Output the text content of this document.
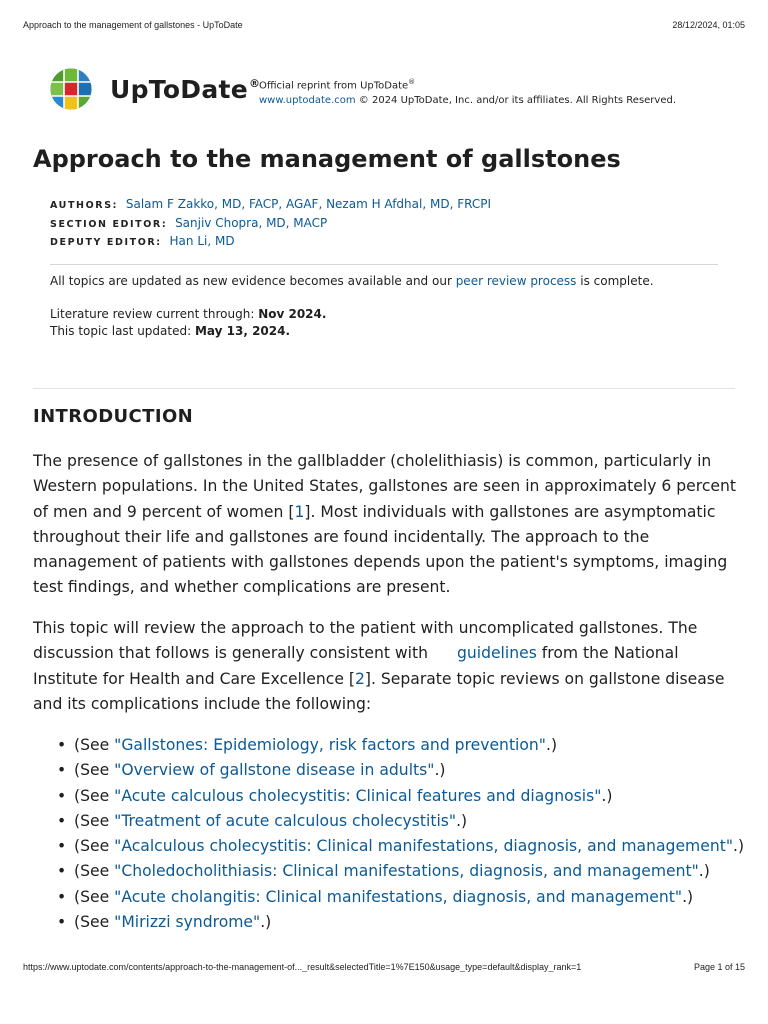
Approach to the management of gallstones - UpToDate	28/12/2024, 01:05
UpToDate®
Official reprint from UpToDate®
www.uptodate.com © 2024 UpToDate, Inc. and/or its affiliates. All Rights Reserved.
Approach to the management of gallstones
AUTHORS: Salam F Zakko, MD, FACP, AGAF, Nezam H Afdhal, MD, FRCPI
SECTION EDITOR: Sanjiv Chopra, MD, MACP
DEPUTY EDITOR: Han Li, MD
All topics are updated as new evidence becomes available and our peer review process is complete.
Literature review current through: Nov 2024.
This topic last updated: May 13, 2024.
INTRODUCTION

The presence of gallstones in the gallbladder (cholelithiasis) is common, particularly in Western populations. In the United States, gallstones are seen in approximately 6 percent of men and 9 percent of women [1]. Most individuals with gallstones are asymptomatic throughout their life and gallstones are found incidentally. The approach to the management of patients with gallstones depends upon the patient's symptoms, imaging test findings, and whether complications are present.

This topic will review the approach to the patient with uncomplicated gallstones. The discussion that follows is generally consistent with guidelines from the National Institute for Health and Care Excellence [2]. Separate topic reviews on gallstone disease and its complications include the following:

• (See "Gallstones: Epidemiology, risk factors and prevention".)
• (See "Overview of gallstone disease in adults".)
• (See "Acute calculous cholecystitis: Clinical features and diagnosis".)
• (See "Treatment of acute calculous cholecystitis".)
• (See "Acalculous cholecystitis: Clinical manifestations, diagnosis, and management".)
• (See "Choledocholithiasis: Clinical manifestations, diagnosis, and management".)
• (See "Acute cholangitis: Clinical manifestations, diagnosis, and management".)
• (See "Mirizzi syndrome".)
https://www.uptodate.com/contents/approach-to-the-management-of..._result&selectedTitle=1%7E150&usage_type=default&display_rank=1	Page 1 of 15
